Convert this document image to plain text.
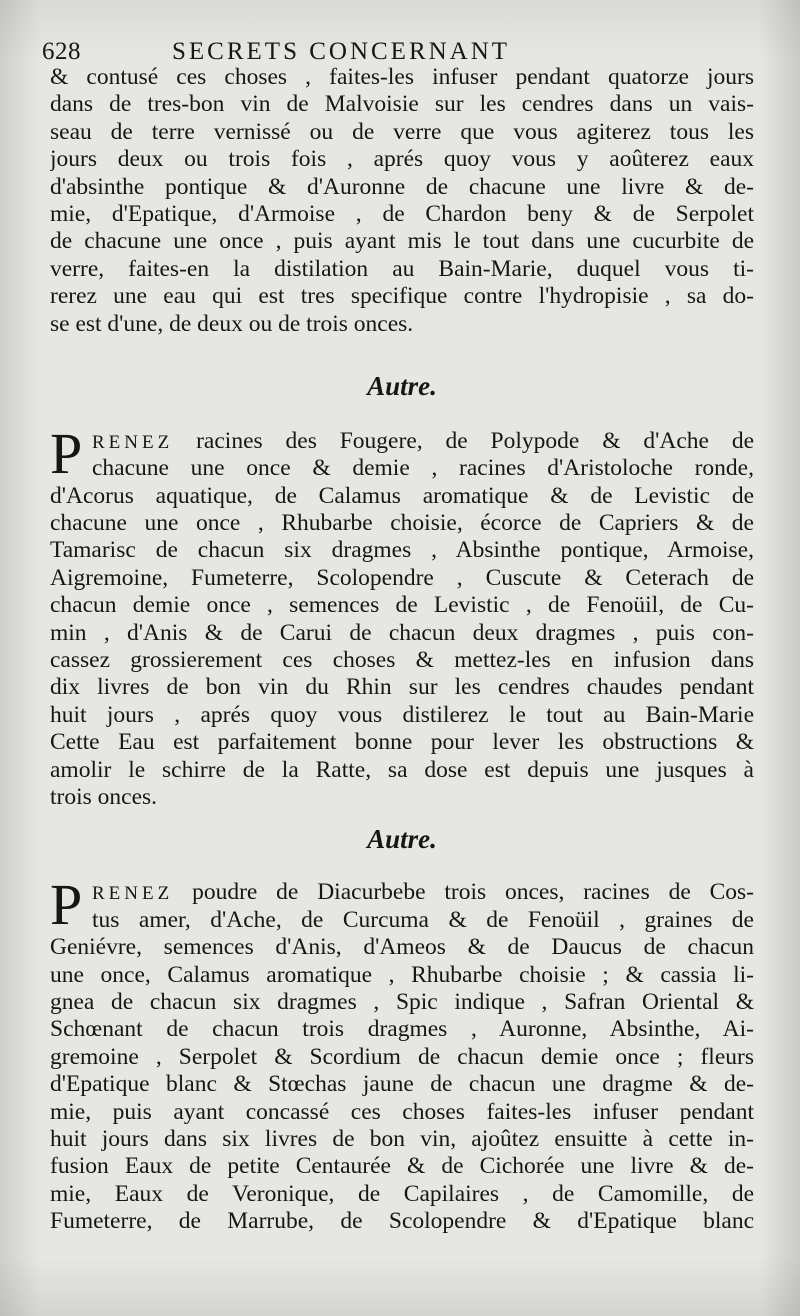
628	SECRETS CONCERNANT
& contusé ces choses , faites-les infuser pendant quatorze jours
dans de tres-bon vin de Malvoisie sur les cendres dans un vais-
seau de terre vernissé ou de verre que vous agiterez tous les
jours deux ou trois fois , aprés quoy vous y aoûterez eaux
d'absinthe pontique & d'Auronne de chacune une livre & de-
mie, d'Epatique, d'Armoise , de Chardon beny & de Serpolet
de chacune une once , puis ayant mis le tout dans une cucurbite de
verre, faites-en la distilation au Bain-Marie, duquel vous ti-
rerez une eau qui est tres specifique contre l'hydropisie , sa do-
se est d'une, de deux ou de trois onces.
Autre.
P RENEZ racines des Fougere, de Polypode & d'Ache de
chacune une once & demie , racines d'Aristoloche ronde,
d'Acorus aquatique, de Calamus aromatique & de Levistic de
chacune une once , Rhubarbe choisie, écorce de Capriers & de
Tamarisc de chacun six dragmes , Absinthe pontique, Armoise,
Aigremoine, Fumeterre, Scolopendre , Cuscute & Ceterach de
chacun demie once , semences de Levistic , de Fenoüil, de Cu-
min , d'Anis & de Carui de chacun deux dragmes , puis con-
cassez grossierement ces choses & mettez-les en infusion dans
dix livres de bon vin du Rhin sur les cendres chaudes pendant
huit jours , aprés quoy vous distilerez le tout au Bain-Marie
Cette Eau est parfaitement bonne pour lever les obstructions &
amolir le schirre de la Ratte, sa dose est depuis une jusques à
trois onces.
Autre.
P RENEZ poudre de Diacurbebe trois onces, racines de Cos-
tus amer, d'Ache, de Curcuma & de Fenoüil , graines de
Geniévre, semences d'Anis, d'Ameos & de Daucus de chacun
une once, Calamus aromatique , Rhubarbe choisie ; & cassia li-
gnea de chacun six dragmes , Spic indique , Safran Oriental &
Schœnant de chacun trois dragmes , Auronne, Absinthe, Ai-
gremoine , Serpolet & Scordium de chacun demie once ; fleurs
d'Epatique blanc & Stœchas jaune de chacun une dragme & de-
mie, puis ayant concassé ces choses faites-les infuser pendant
huit jours dans six livres de bon vin, ajoûtez ensuitte à cette in-
fusion Eaux de petite Centaurée & de Cichorée une livre & de-
mie, Eaux de Veronique, de Capilaires , de Camomille, de
Fumeterre, de Marrube, de Scolopendre & d'Epatique blanc
